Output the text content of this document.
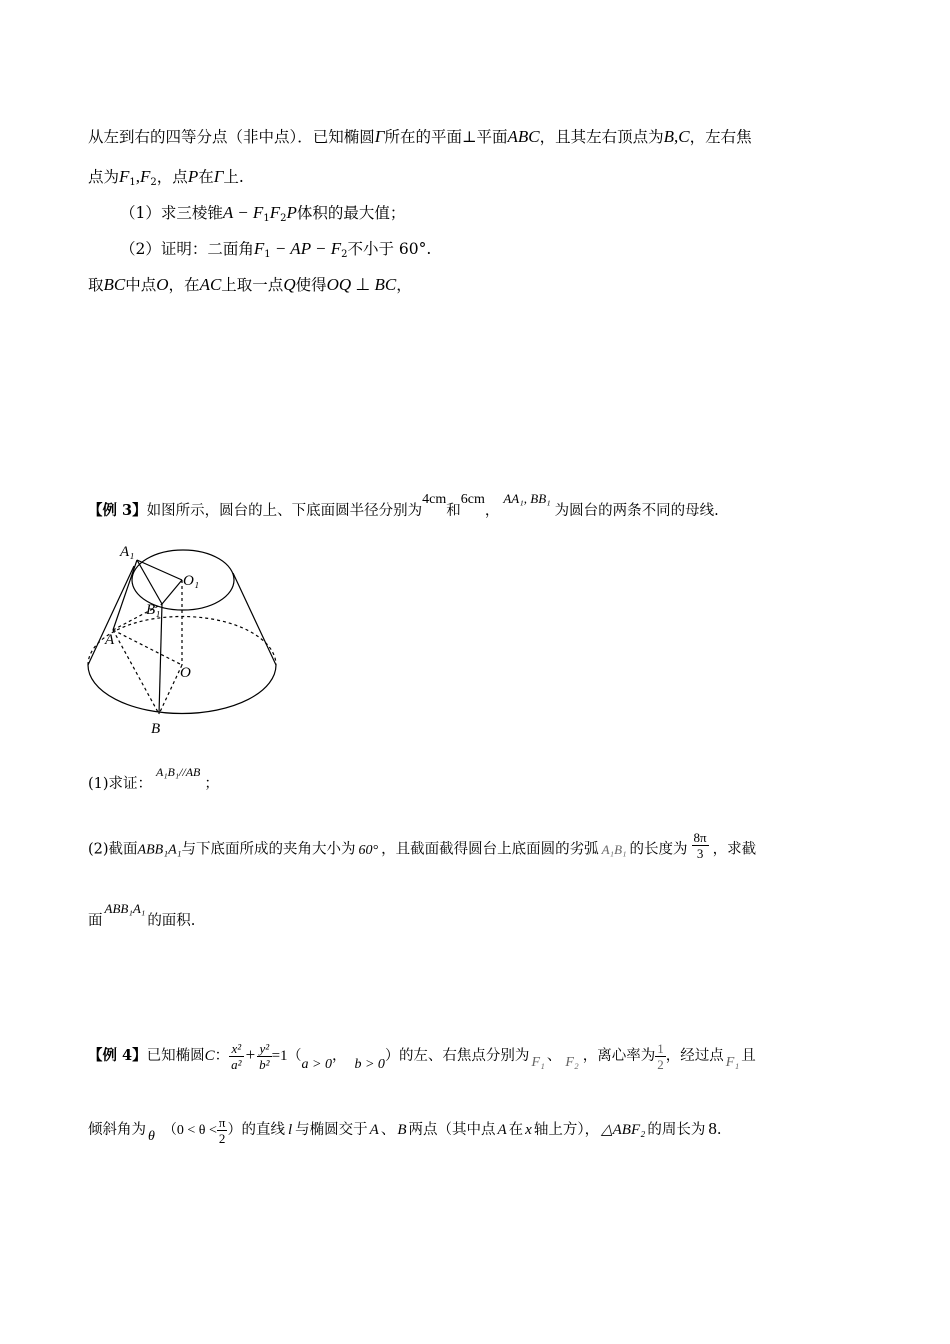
从左到右的四等分点（非中点）．已知椭圆Γ所在的平面⊥平面ABC，且其左右顶点为B,C，左右焦
点为$F_1,F_2$，点P在Γ上.
（1）求三棱锥$A - F_1F_2P$体积的最大值；
（2）证明：二面角$F_1$ − AP − $F_2$不小于 60°.
取BC中点O，在AC上取一点Q使得OQ ⊥ BC，
【例 3】如图所示，圆台的上、下底面圆半径分别为4cm和6cm，AA₁, BB₁为圆台的两条不同的母线.
A₁
O₁
B₁
A
O
B
(1)求证：A₁B₁//AB；
(2)截面ABB₁A₁与下底面所成的夹角大小为 60° ，且截面截得圆台上底面圆的劣弧 A₁B₁ 的长度为 $\frac{8\pi}{3}$ ，求截
面ABB₁A₁的面积.
【例 4】已知椭圆C： $\frac{\text{x²}}{\text{a²}} + \frac{\text{y²}}{\text{b²}} =1(a > 0$，b > 0）的左、右焦点分别为 F₁ 、 F₂ ，离心率为 $\frac{1}{2}$ ，经过点 F₁ 且
倾斜角为 θ （$0 < \theta < \frac{\pi}{2}$ ）的直线 l 与椭圆交于 A 、 B 两点（其中点 A 在 x 轴上方）， △ABF₂ 的周长为 8.
